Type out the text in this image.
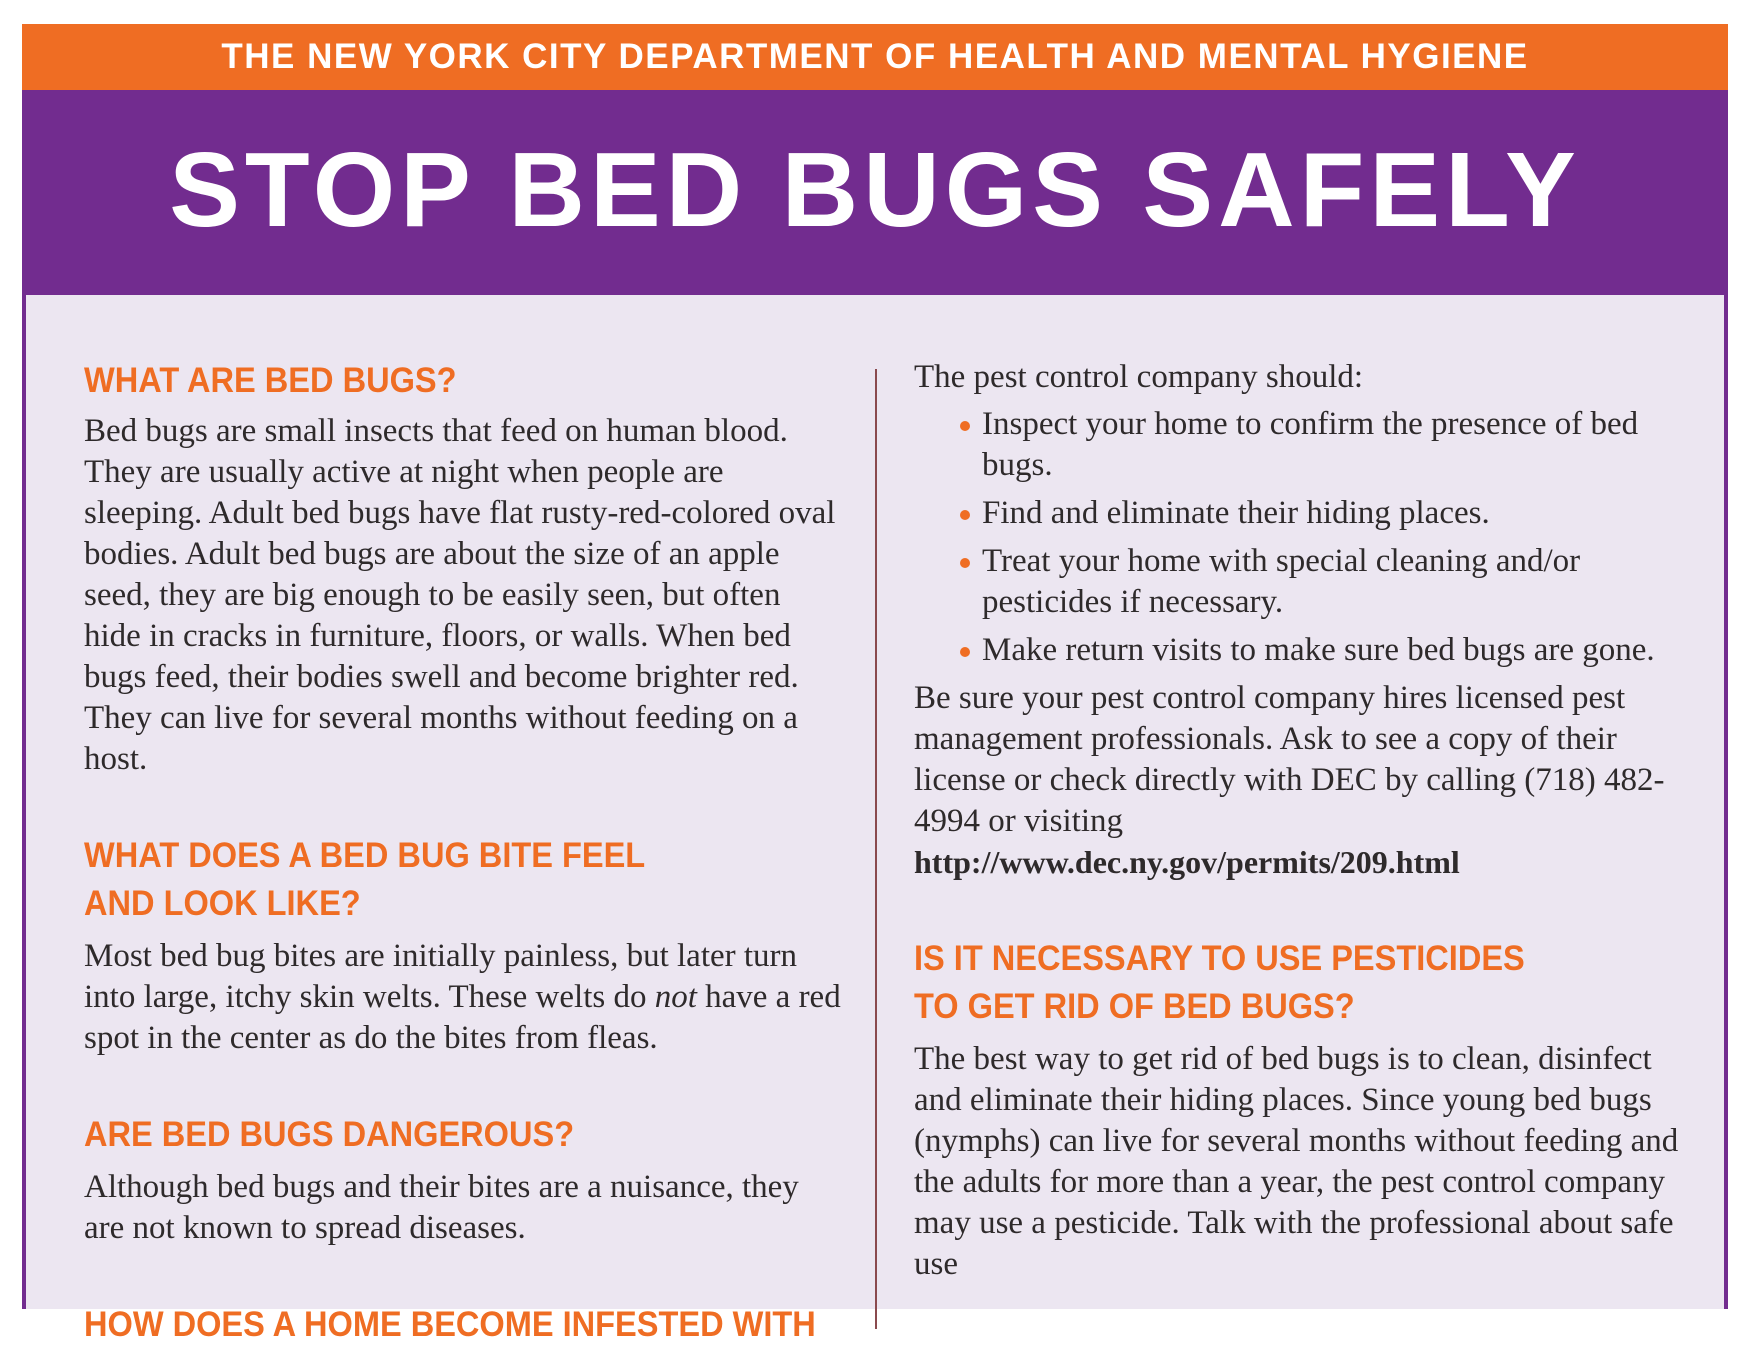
THE NEW YORK CITY DEPARTMENT OF HEALTH AND MENTAL HYGIENE
STOP BED BUGS SAFELY
WHAT ARE BED BUGS?

Bed bugs are small insects that feed on human blood. They are usually active at night when people are sleeping. Adult bed bugs have flat rusty-red-colored oval bodies. Adult bed bugs are about the size of an apple seed, they are big enough to be easily seen, but often hide in cracks in furniture, floors, or walls. When bed bugs feed, their bodies swell and become brighter red. They can live for several months without feeding on a host.

WHAT DOES A BED BUG BITE FEEL
AND LOOK LIKE?

Most bed bug bites are initially painless, but later turn into large, itchy skin welts. These welts do not have a red spot in the center as do the bites from fleas.

ARE BED BUGS DANGEROUS?

Although bed bugs and their bites are a nuisance, they are not known to spread diseases.

HOW DOES A HOME BECOME INFESTED WITH

The pest control company should:

Inspect your home to confirm the presence of bed bugs.
Find and eliminate their hiding places.
Treat your home with special cleaning and/or pesticides if necessary.
Make return visits to make sure bed bugs are gone.

Be sure your pest control company hires licensed pest management professionals. Ask to see a copy of their license or check directly with DEC by calling (718) 482-4994 or visiting
http://www.dec.ny.gov/permits/209.html

IS IT NECESSARY TO USE PESTICIDES
TO GET RID OF BED BUGS?

The best way to get rid of bed bugs is to clean, disinfect and eliminate their hiding places. Since young bed bugs (nymphs) can live for several months without feeding and the adults for more than a year, the pest control company may use a pesticide. Talk with the professional about safe use
